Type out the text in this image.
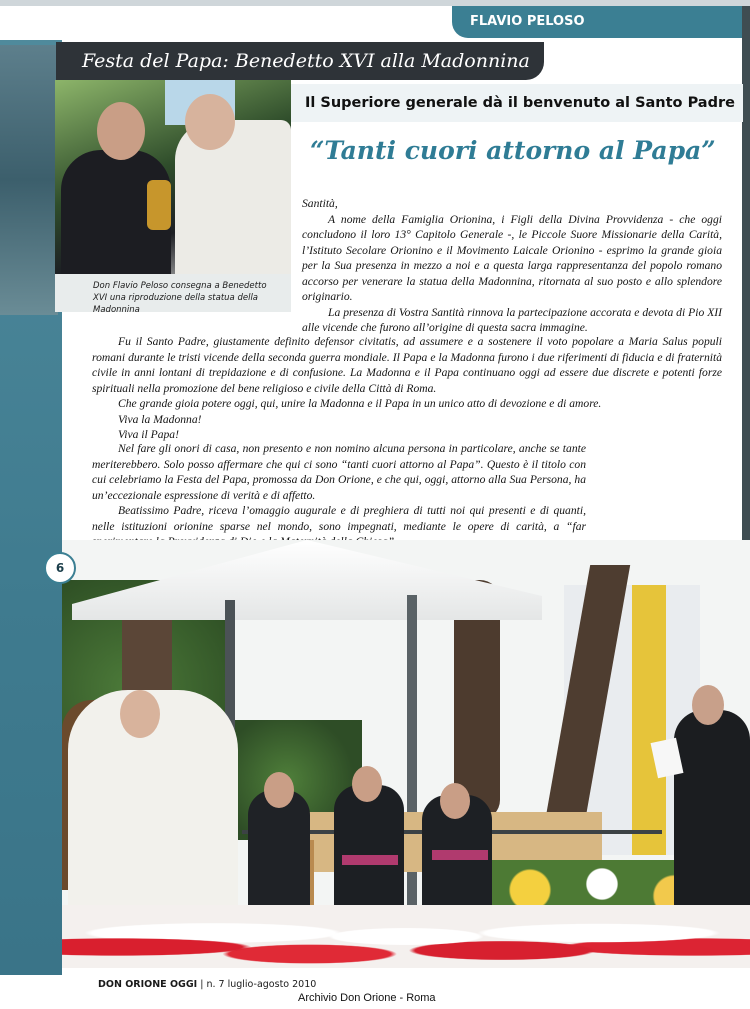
FLAVIO PELOSO
Festa del Papa: Benedetto XVI alla Madonnina
Don Flavio Peloso consegna a Benedetto XVI una riproduzione della statua della Madonnina
Il Superiore generale dà il benvenuto al Santo Padre
“Tanti cuori attorno al Papa”

Santità,

A nome della Famiglia Orionina, i Figli della Divina Provvidenza - che oggi concludono il loro 13° Capitolo Generale -, le Piccole Suore Missionarie della Carità, l’Istituto Secolare Orionino e il Movimento Laicale Orionino - esprimo la grande gioia per la Sua presenza in mezzo a noi e a questa larga rappresentanza del popolo romano accorso per venerare la statua della Madonnina, ritornata al suo posto e allo splendore originario.

La presenza di Vostra Santità rinnova la partecipazione accorata e devota di Pio XII alle vicende che furono all’origine di questa sacra immagine.

Fu il Santo Padre, giustamente definito defensor civitatis, ad assumere e a sostenere il voto popolare a Maria Salus populi romani durante le tristi vicende della seconda guerra mondiale. Il Papa e la Madonna furono i due riferimenti di fiducia e di fraternità civile in anni lontani di trepidazione e di confusione. La Madonna e il Papa continuano oggi ad essere due discrete e potenti forze spirituali nella promozione del bene religioso e civile della Città di Roma.

Che grande gioia potere oggi, qui, unire la Madonna e il Papa in un unico atto di devozione e di amore.

Viva la Madonna!

Viva il Papa!

Nel fare gli onori di casa, non presento e non nomino alcuna persona in particolare, anche se tante meriterebbero. Solo posso affermare che qui ci sono “tanti cuori attorno al Papa”. Questo è il titolo con cui celebriamo la Festa del Papa, promossa da Don Orione, e che qui, oggi, attorno alla Sua Persona, ha un’eccezionale espressione di verità e di affetto.

Beatissimo Padre, riceva l’omaggio augurale e di preghiera di tutti noi qui presenti e di quanti, nelle istituzioni orionine sparse nel mondo, sono impegnati, mediante le opere di carità, a “far

6
DON ORIONE OGGI | n. 7 luglio-agosto 2010
Archivio Don Orione - Roma
